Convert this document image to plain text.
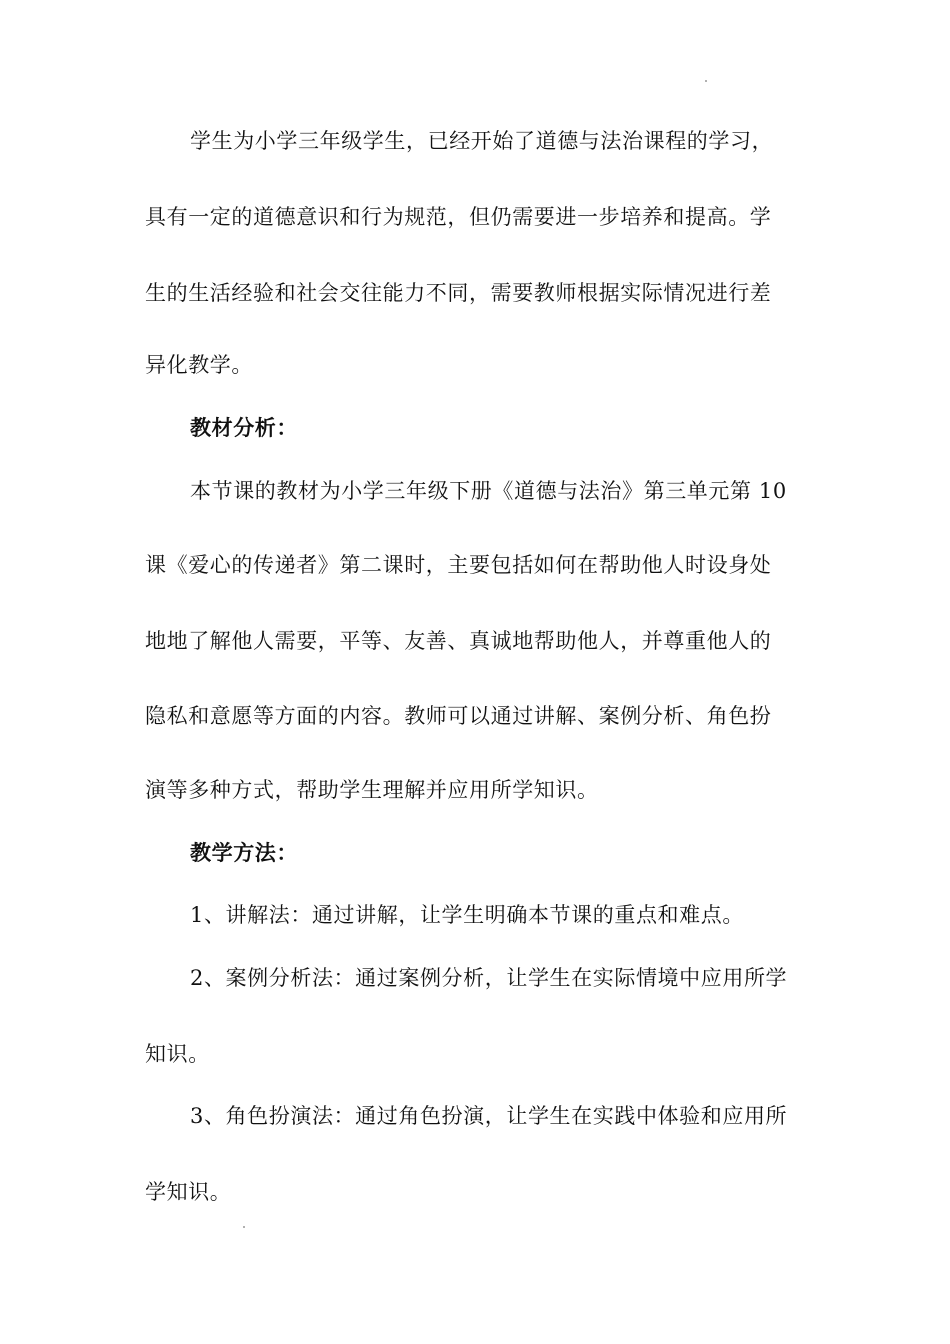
学生为小学三年级学生，已经开始了道德与法治课程的学习，
具有一定的道德意识和行为规范，但仍需要进一步培养和提高。学
生的生活经验和社会交往能力不同，需要教师根据实际情况进行差
异化教学。
教材分析：
本节课的教材为小学三年级下册《道德与法治》第三单元第 10
课《爱心的传递者》第二课时，主要包括如何在帮助他人时设身处
地地了解他人需要，平等、友善、真诚地帮助他人，并尊重他人的
隐私和意愿等方面的内容。教师可以通过讲解、案例分析、角色扮
演等多种方式，帮助学生理解并应用所学知识。
教学方法：
1、讲解法：通过讲解，让学生明确本节课的重点和难点。
2、案例分析法：通过案例分析，让学生在实际情境中应用所学
知识。
3、角色扮演法：通过角色扮演，让学生在实践中体验和应用所
学知识。
